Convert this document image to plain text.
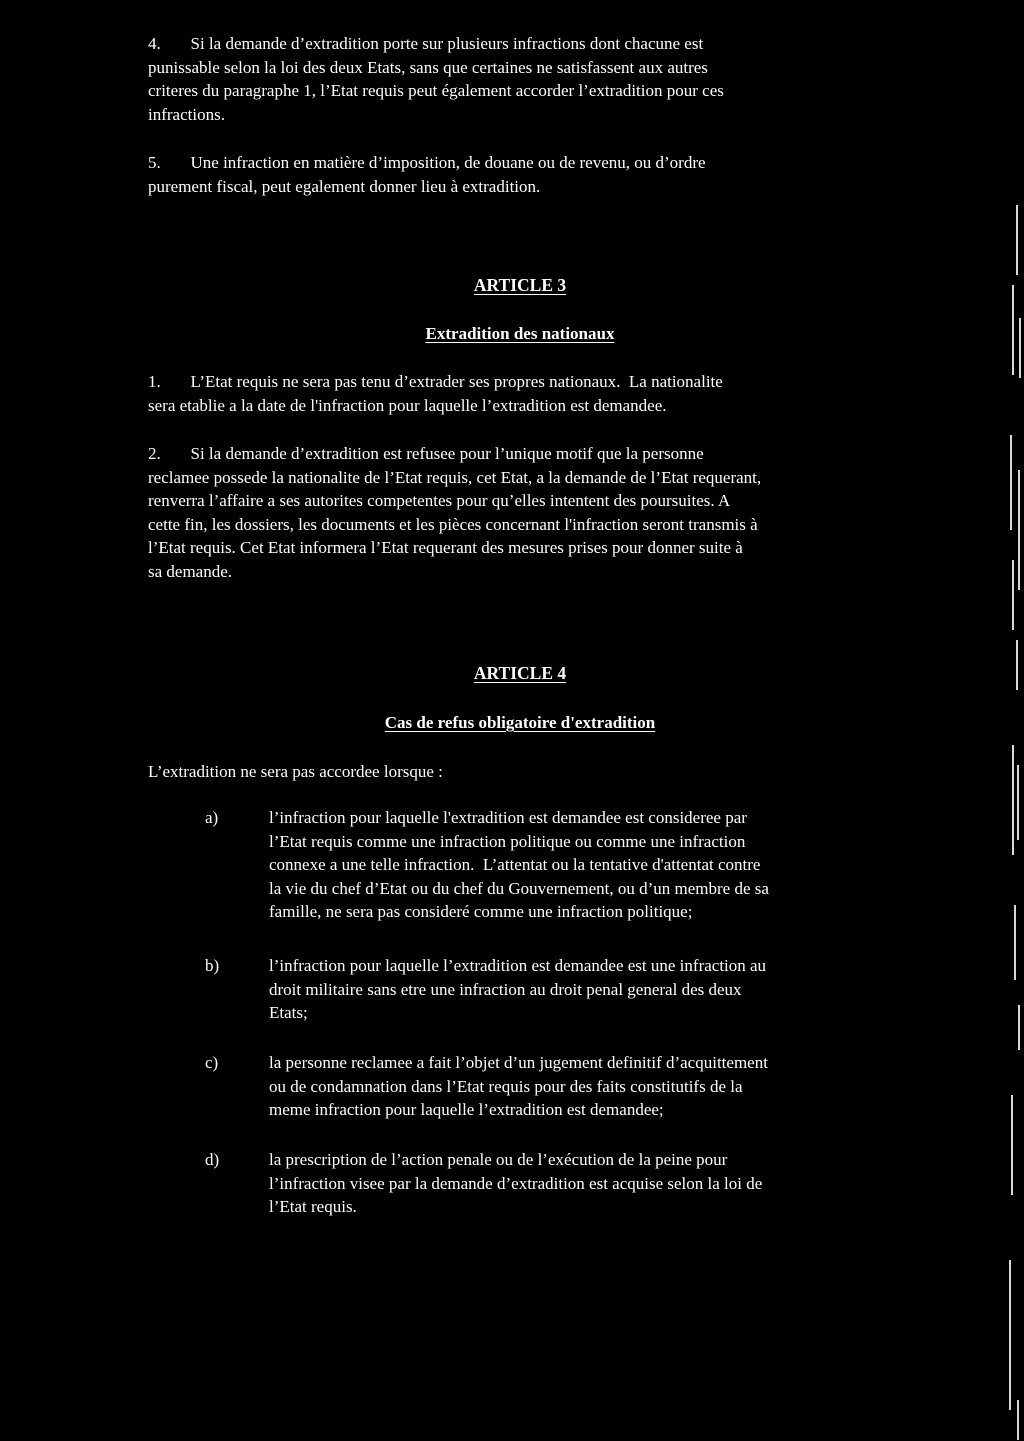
4.       Si la demande d’extradition porte sur plusieurs infractions dont chacune est
punissable selon la loi des deux Etats, sans que certaines ne satisfassent aux autres
criteres du paragraphe 1, l’Etat requis peut également accorder l’extradition pour ces
infractions.
5.       Une infraction en matière d’imposition, de douane ou de revenu, ou d’ordre
purement fiscal, peut egalement donner lieu à extradition.
ARTICLE 3
Extradition des nationaux
1.       L’Etat requis ne sera pas tenu d’extrader ses propres nationaux.  La nationalite
sera etablie a la date de l'infraction pour laquelle l’extradition est demandee.
2.       Si la demande d’extradition est refusee pour l’unique motif que la personne
reclamee possede la nationalite de l’Etat requis, cet Etat, a la demande de l’Etat requerant,
renverra l’affaire a ses autorites competentes pour qu’elles intentent des poursuites. A
cette fin, les dossiers, les documents et les pièces concernant l'infraction seront transmis à
l’Etat requis. Cet Etat informera l’Etat requerant des mesures prises pour donner suite à
sa demande.
ARTICLE 4
Cas de refus obligatoire d'extradition
L’extradition ne sera pas accordee lorsque :
a)	l’infraction pour laquelle l'extradition est demandee est consideree par
l’Etat requis comme une infraction politique ou comme une infraction
connexe a une telle infraction.  L’attentat ou la tentative d'attentat contre
la vie du chef d’Etat ou du chef du Gouvernement, ou d’un membre de sa
famille, ne sera pas consideré comme une infraction politique;
b)	l’infraction pour laquelle l’extradition est demandee est une infraction au
droit militaire sans etre une infraction au droit penal general des deux
Etats;
c)	la personne reclamee a fait l’objet d’un jugement definitif d’acquittement
ou de condamnation dans l’Etat requis pour des faits constitutifs de la
meme infraction pour laquelle l’extradition est demandee;
d)	la prescription de l’action penale ou de l’exécution de la peine pour
l’infraction visee par la demande d’extradition est acquise selon la loi de
l’Etat requis.
